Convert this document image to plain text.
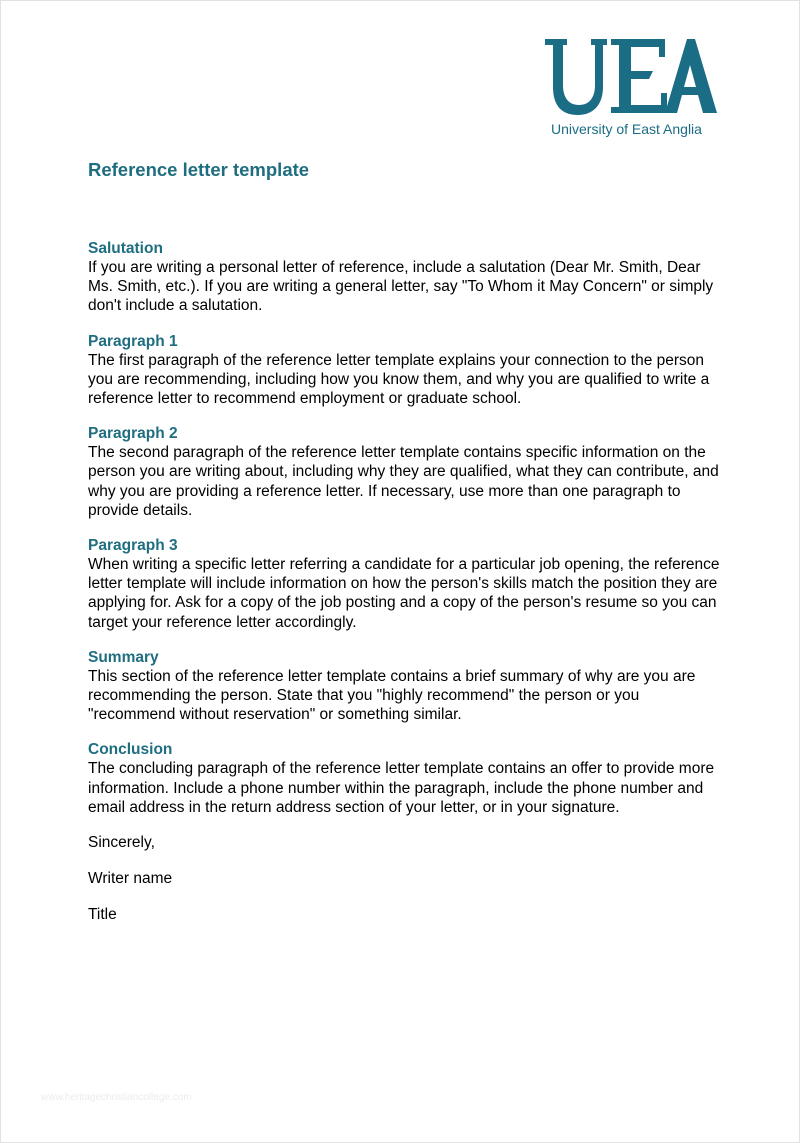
University of East Anglia
Reference letter template

Salutation

If you are writing a personal letter of reference, include a salutation (Dear Mr. Smith, Dear Ms. Smith, etc.). If you are writing a general letter, say "To Whom it May Concern" or simply don't include a salutation.

Paragraph 1

The first paragraph of the reference letter template explains your connection to the person you are recommending, including how you know them, and why you are qualified to write a reference letter to recommend employment or graduate school.

Paragraph 2

The second paragraph of the reference letter template contains specific information on the person you are writing about, including why they are qualified, what they can contribute, and why you are providing a reference letter. If necessary, use more than one paragraph to provide details.

Paragraph 3

When writing a specific letter referring a candidate for a particular job opening, the reference letter template will include information on how the person's skills match the position they are applying for. Ask for a copy of the job posting and a copy of the person's resume so you can target your reference letter accordingly.

Summary

This section of the reference letter template contains a brief summary of why are you are recommending the person. State that you "highly recommend" the person or you "recommend without reservation" or something similar.

Conclusion

The concluding paragraph of the reference letter template contains an offer to provide more information. Include a phone number within the paragraph, include the phone number and email address in the return address section of your letter, or in your signature.

Sincerely,

Writer name

Title

www.heritagechristiancollege.com
